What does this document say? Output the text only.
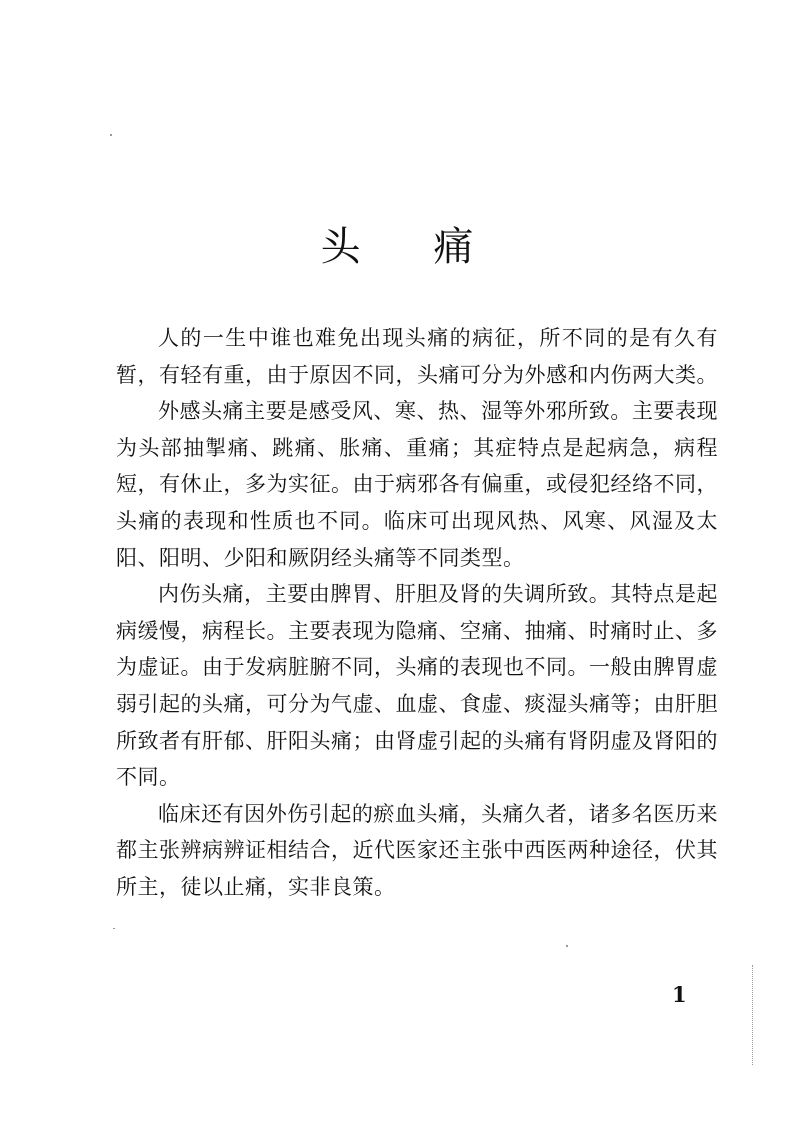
头 痛

人的一生中谁也难免出现头痛的病征，所不同的是有久有暂，有轻有重，由于原因不同，头痛可分为外感和内伤两大类。

外感头痛主要是感受风、寒、热、湿等外邪所致。主要表现为头部抽掣痛、跳痛、胀痛、重痛；其症特点是起病急，病程短，有休止，多为实征。由于病邪各有偏重，或侵犯经络不同，头痛的表现和性质也不同。临床可出现风热、风寒、风湿及太阳、阳明、少阳和厥阴经头痛等不同类型。

内伤头痛，主要由脾胃、肝胆及肾的失调所致。其特点是起病缓慢，病程长。主要表现为隐痛、空痛、抽痛、时痛时止、多为虚证。由于发病脏腑不同，头痛的表现也不同。一般由脾胃虚弱引起的头痛，可分为气虚、血虚、食虚、痰湿头痛等；由肝胆所致者有肝郁、肝阳头痛；由肾虚引起的头痛有肾阴虚及肾阳的不同。

临床还有因外伤引起的瘀血头痛，头痛久者，诸多名医历来都主张辨病辨证相结合，近代医家还主张中西医两种途径，伏其所主，徒以止痛，实非良策。

1
